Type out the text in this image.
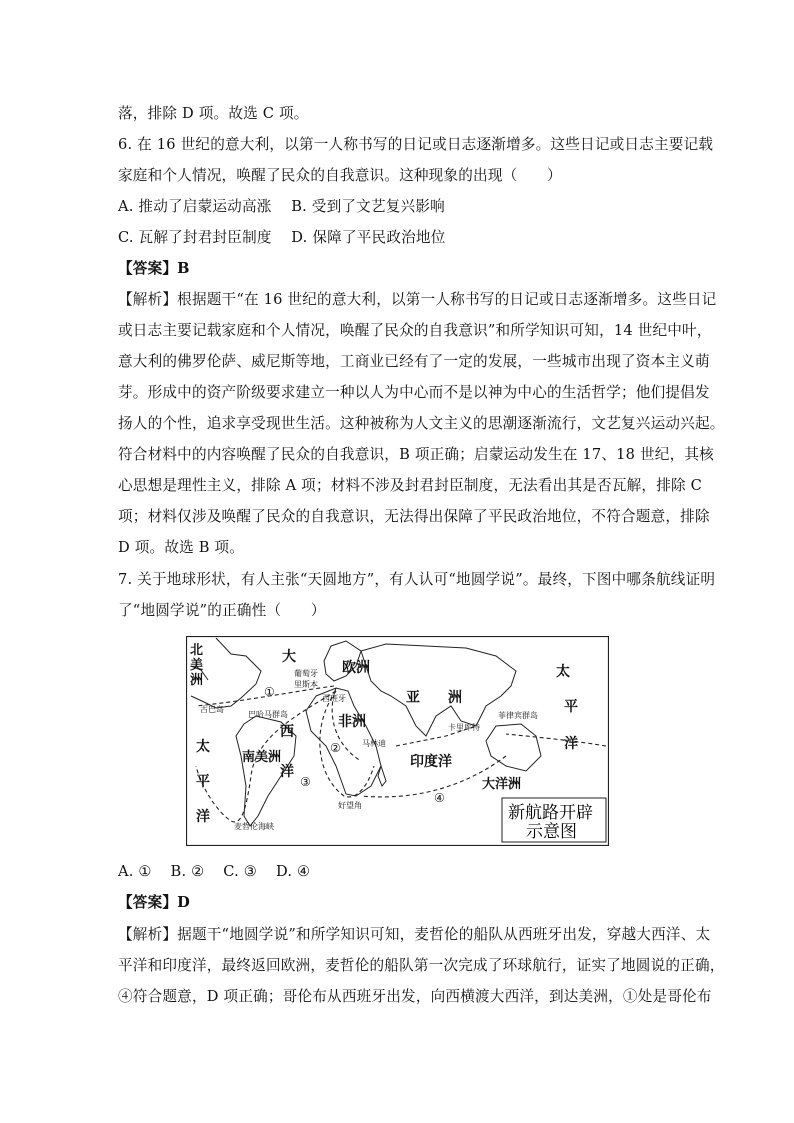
落，排除 D 项。故选 C 项。
6. 在 16 世纪的意大利，以第一人称书写的日记或日志逐渐增多。这些日记或日志主要记载
家庭和个人情况，唤醒了民众的自我意识。这种现象的出现（　　）
A. 推动了启蒙运动高涨　 B. 受到了文艺复兴影响
C. 瓦解了封君封臣制度　 D. 保障了平民政治地位
【答案】B
【解析】根据题干“在 16 世纪的意大利，以第一人称书写的日记或日志逐渐增多。这些日记
或日志主要记载家庭和个人情况，唤醒了民众的自我意识”和所学知识可知，14 世纪中叶，
意大利的佛罗伦萨、威尼斯等地，工商业已经有了一定的发展，一些城市出现了资本主义萌
芽。形成中的资产阶级要求建立一种以人为中心而不是以神为中心的生活哲学；他们提倡发
扬人的个性，追求享受现世生活。这种被称为人文主义的思潮逐渐流行，文艺复兴运动兴起。
符合材料中的内容唤醒了民众的自我意识，B 项正确；启蒙运动发生在 17、18 世纪，其核
心思想是理性主义，排除 A 项；材料不涉及封君封臣制度，无法看出其是否瓦解，排除 C
项；材料仅涉及唤醒了民众的自我意识，无法得出保障了平民政治地位，不符合题意，排除
D 项。故选 B 项。
7. 关于地球形状，有人主张“天圆地方”，有人认可“地圆学说”。最终，下图中哪条航线证明
了“地圆学说”的正确性（　　）
新航路开辟
示意图
北
美
洲
大
西
洋
欧洲
非洲
南美洲
亚 洲
印度洋
大洋洲
太
平
洋
太
平
洋
葡萄牙
里斯本
西班牙
古巴岛
巴哈马群岛
卡里库特
菲律宾群岛
马林迪
好望角
麦哲伦海峡
①
②
③
④
A. ① B. ② C. ③ D. ④
【答案】D
【解析】据题干“地圆学说”和所学知识可知，麦哲伦的船队从西班牙出发，穿越大西洋、太
平洋和印度洋，最终返回欧洲，麦哲伦的船队第一次完成了环球航行，证实了地圆说的正确，
④符合题意，D 项正确；哥伦布从西班牙出发，向西横渡大西洋，到达美洲，①处是哥伦布
